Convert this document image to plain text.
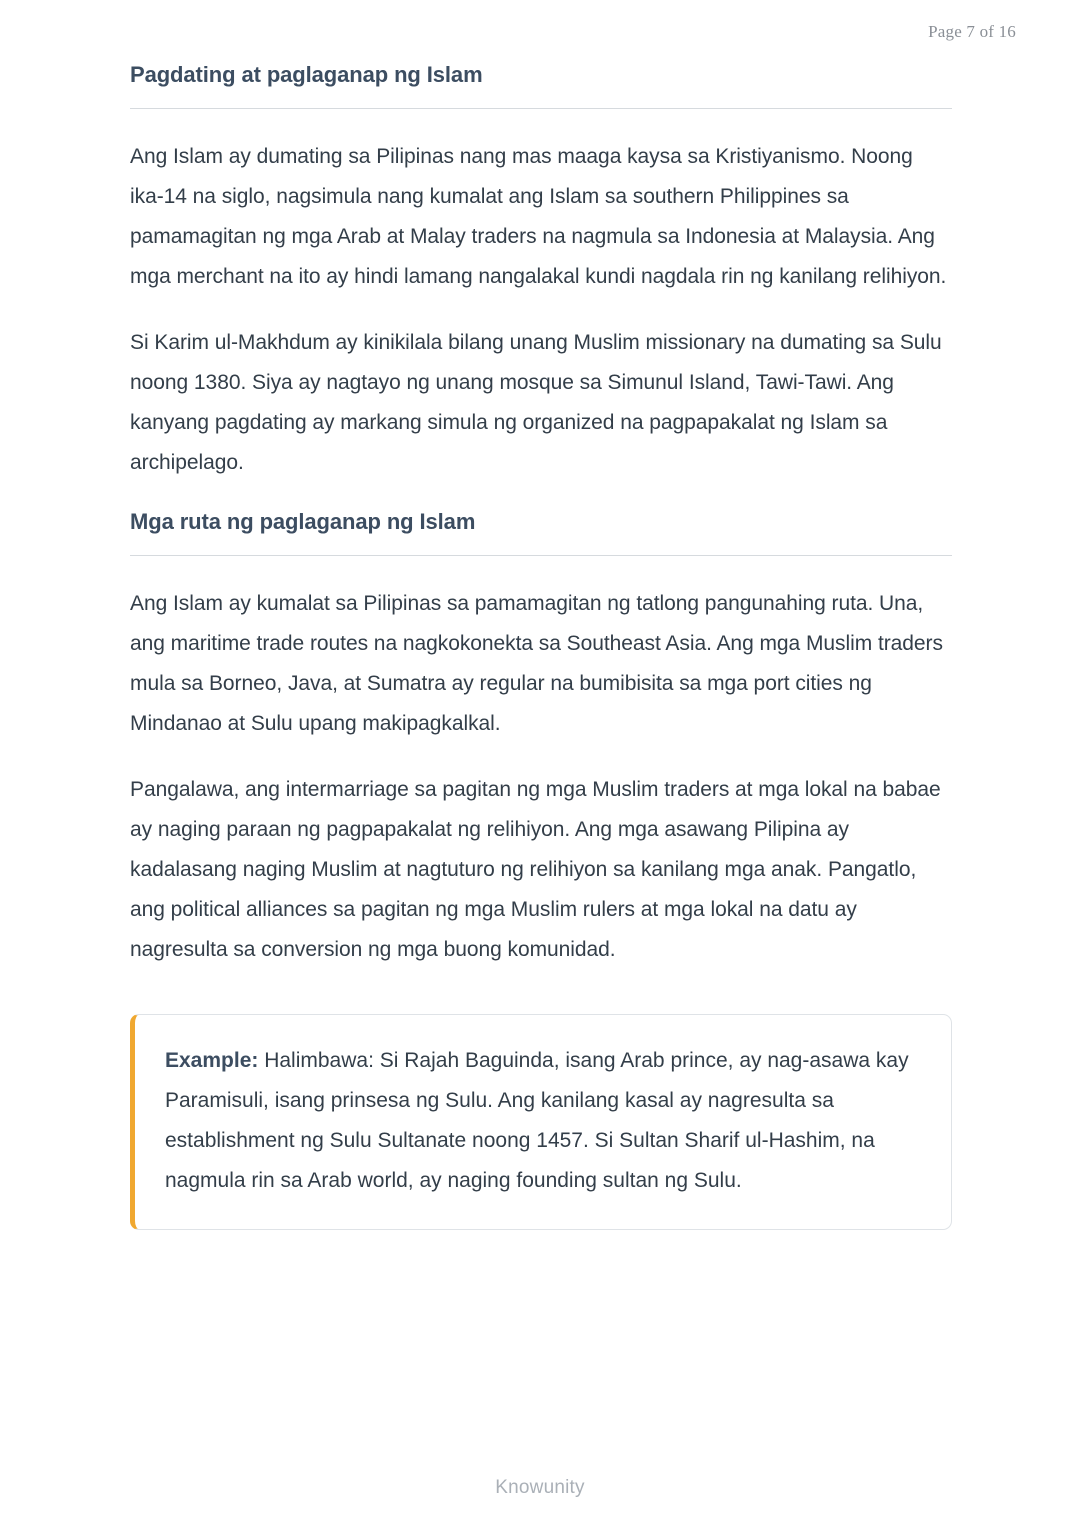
Page 7 of 16
Pagdating at paglaganap ng Islam

Ang Islam ay dumating sa Pilipinas nang mas maaga kaysa sa Kristiyanismo. Noong ika-14 na siglo, nagsimula nang kumalat ang Islam sa southern Philippines sa pamamagitan ng mga Arab at Malay traders na nagmula sa Indonesia at Malaysia. Ang mga merchant na ito ay hindi lamang nangalakal kundi nagdala rin ng kanilang relihiyon.

Si Karim ul-Makhdum ay kinikilala bilang unang Muslim missionary na dumating sa Sulu noong 1380. Siya ay nagtayo ng unang mosque sa Simunul Island, Tawi-Tawi. Ang kanyang pagdating ay markang simula ng organized na pagpapakalat ng Islam sa archipelago.

Mga ruta ng paglaganap ng Islam

Ang Islam ay kumalat sa Pilipinas sa pamamagitan ng tatlong pangunahing ruta. Una, ang maritime trade routes na nagkokonekta sa Southeast Asia. Ang mga Muslim traders mula sa Borneo, Java, at Sumatra ay regular na bumibisita sa mga port cities ng Mindanao at Sulu upang makipagkalkal.

Pangalawa, ang intermarriage sa pagitan ng mga Muslim traders at mga lokal na babae ay naging paraan ng pagpapakalat ng relihiyon. Ang mga asawang Pilipina ay kadalasang naging Muslim at nagtuturo ng relihiyon sa kanilang mga anak. Pangatlo, ang political alliances sa pagitan ng mga Muslim rulers at mga lokal na datu ay nagresulta sa conversion ng mga buong komunidad.

Example: Halimbawa: Si Rajah Baguinda, isang Arab prince, ay nag-asawa kay Paramisuli, isang prinsesa ng Sulu. Ang kanilang kasal ay nagresulta sa establishment ng Sulu Sultanate noong 1457. Si Sultan Sharif ul-Hashim, na nagmula rin sa Arab world, ay naging founding sultan ng Sulu.

Knowunity
